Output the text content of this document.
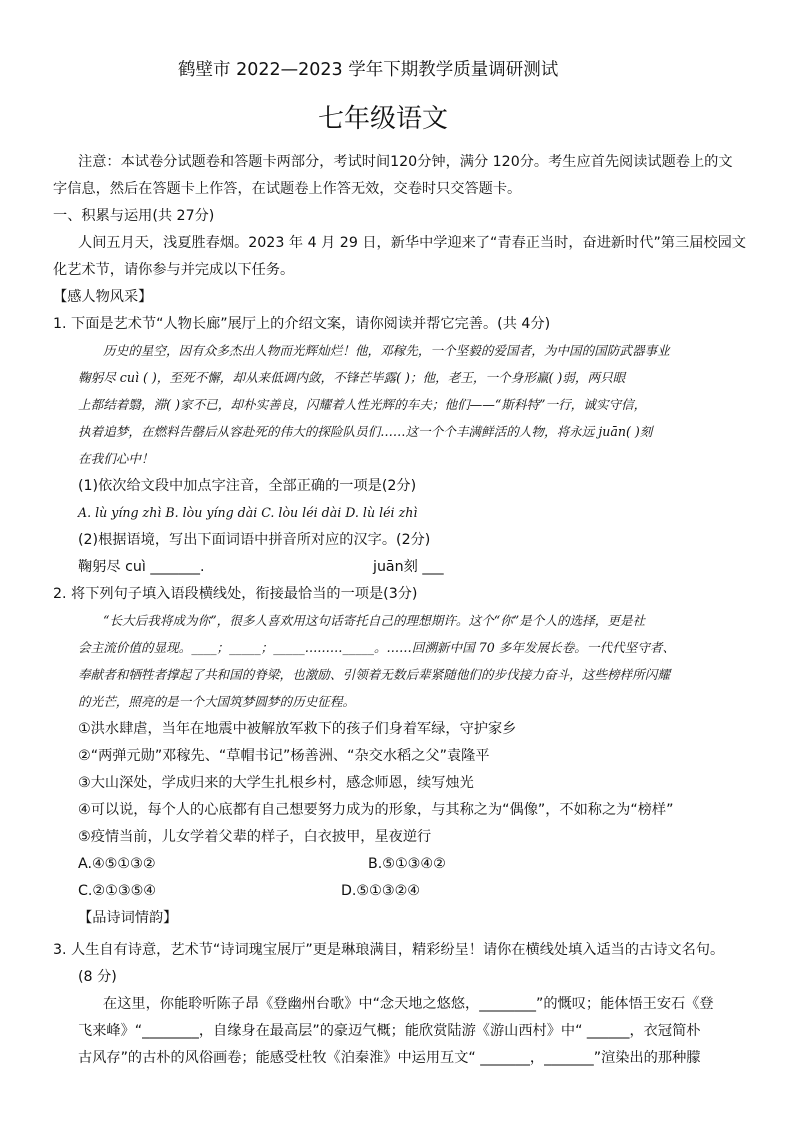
鹤壁市 2022—2023 学年下期教学质量调研测试
七年级语文
注意：本试卷分试题卷和答题卡两部分，考试时间120分钟，满分 120分。考生应首先阅读试题卷上的文
字信息，然后在答题卡上作答，在试题卷上作答无效，交卷时只交答题卡。
一、积累与运用(共 27分)
人间五月天，浅夏胜春烟。2023 年 4 月 29 日，新华中学迎来了“青春正当时，奋进新时代”第三届校园文
化艺术节，请你参与并完成以下任务。
【感人物风采】
1. 下面是艺术节“人物长廊”展厅上的介绍文案，请你阅读并帮它完善。(共 4分)
历史的星空，因有众多杰出人物而光辉灿烂！他，邓稼先，一个坚毅的爱国者，为中国的国防武器事业
鞠躬尽 cuì ( )，至死不懈，却从来低调内敛，不锋芒毕露( )；他，老王，一个身形羸( )弱，两只眼
上都结着翳，滞( )家不已，却朴实善良，闪耀着人性光辉的车夫；他们——“斯科特”一行，诚实守信，
执着追梦，在燃料告罄后从容赴死的伟大的探险队员们……这一个个丰满鲜活的人物，将永远 juān( )刻
在我们心中！
(1)依次给文段中加点字注音，全部正确的一项是(2分)
A. lù yíng zhì B. lòu yíng dài C. lòu léi dài D. lù léi zhì
(2)根据语境，写出下面词语中拼音所对应的汉字。(2分)
鞠躬尽 cuì _______.	juān刻 ___
2. 将下列句子填入语段横线处，衔接最恰当的一项是(3分)
“长大后我将成为你”，很多人喜欢用这句话寄托自己的理想期许。这个“你”是个人的选择，更是社
会主流价值的显现。____；_____；_____………_____。……回溯新中国 70 多年发展长卷。一代代坚守者、
奉献者和牺牲者撑起了共和国的脊梁，也激励、引领着无数后辈紧随他们的步伐接力奋斗，这些榜样所闪耀
的光芒，照亮的是一个大国筑梦圆梦的历史征程。
①洪水肆虐，当年在地震中被解放军救下的孩子们身着军绿，守护家乡
②“两弹元勋”邓稼先、“草帽书记”杨善洲、“杂交水稻之父”袁隆平
③大山深处，学成归来的大学生扎根乡村，感念师恩，续写烛光
④可以说，每个人的心底都有自己想要努力成为的形象，与其称之为“偶像”，不如称之为“榜样”
⑤疫情当前，儿女学着父辈的样子，白衣披甲，星夜逆行
A.④⑤①③②	B.⑤①③④②
C.②①③⑤④	D.⑤①③②④
【品诗词情韵】
3. 人生自有诗意，艺术节“诗词瑰宝展厅”更是琳琅满目，精彩纷呈！请你在横线处填入适当的古诗文名句。
(8 分)
在这里，你能聆听陈子昂《登幽州台歌》中“念天地之悠悠，________”的慨叹；能体悟王安石《登
飞来峰》“________，自缘身在最高层”的豪迈气概；能欣赏陆游《游山西村》中“ ______，衣冠简朴
古风存”的古朴的风俗画卷；能感受杜牧《泊秦淮》中运用互文“ _______，_______”渲染出的那种朦
